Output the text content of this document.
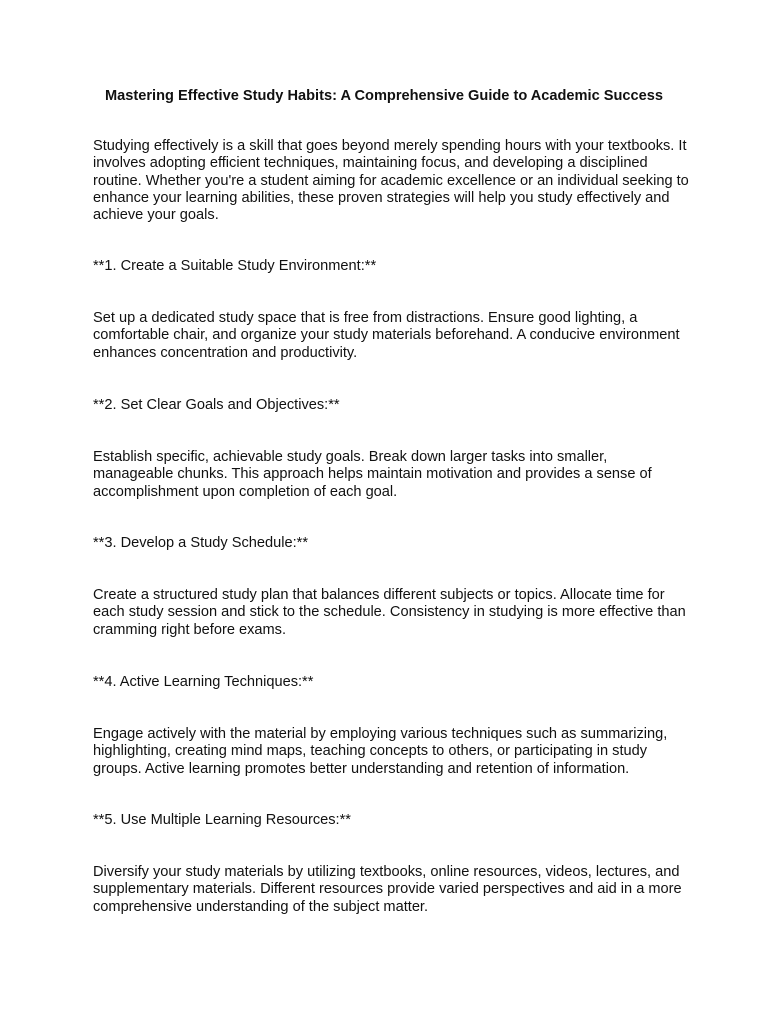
Mastering Effective Study Habits: A Comprehensive Guide to Academic Success
Studying effectively is a skill that goes beyond merely spending hours with your textbooks. It
involves adopting efficient techniques, maintaining focus, and developing a disciplined
routine. Whether you're a student aiming for academic excellence or an individual seeking to
enhance your learning abilities, these proven strategies will help you study effectively and
achieve your goals.
**1. Create a Suitable Study Environment:**
Set up a dedicated study space that is free from distractions. Ensure good lighting, a
comfortable chair, and organize your study materials beforehand. A conducive environment
enhances concentration and productivity.
**2. Set Clear Goals and Objectives:**
Establish specific, achievable study goals. Break down larger tasks into smaller,
manageable chunks. This approach helps maintain motivation and provides a sense of
accomplishment upon completion of each goal.
**3. Develop a Study Schedule:**
Create a structured study plan that balances different subjects or topics. Allocate time for
each study session and stick to the schedule. Consistency in studying is more effective than
cramming right before exams.
**4. Active Learning Techniques:**
Engage actively with the material by employing various techniques such as summarizing,
highlighting, creating mind maps, teaching concepts to others, or participating in study
groups. Active learning promotes better understanding and retention of information.
**5. Use Multiple Learning Resources:**
Diversify your study materials by utilizing textbooks, online resources, videos, lectures, and
supplementary materials. Different resources provide varied perspectives and aid in a more
comprehensive understanding of the subject matter.
